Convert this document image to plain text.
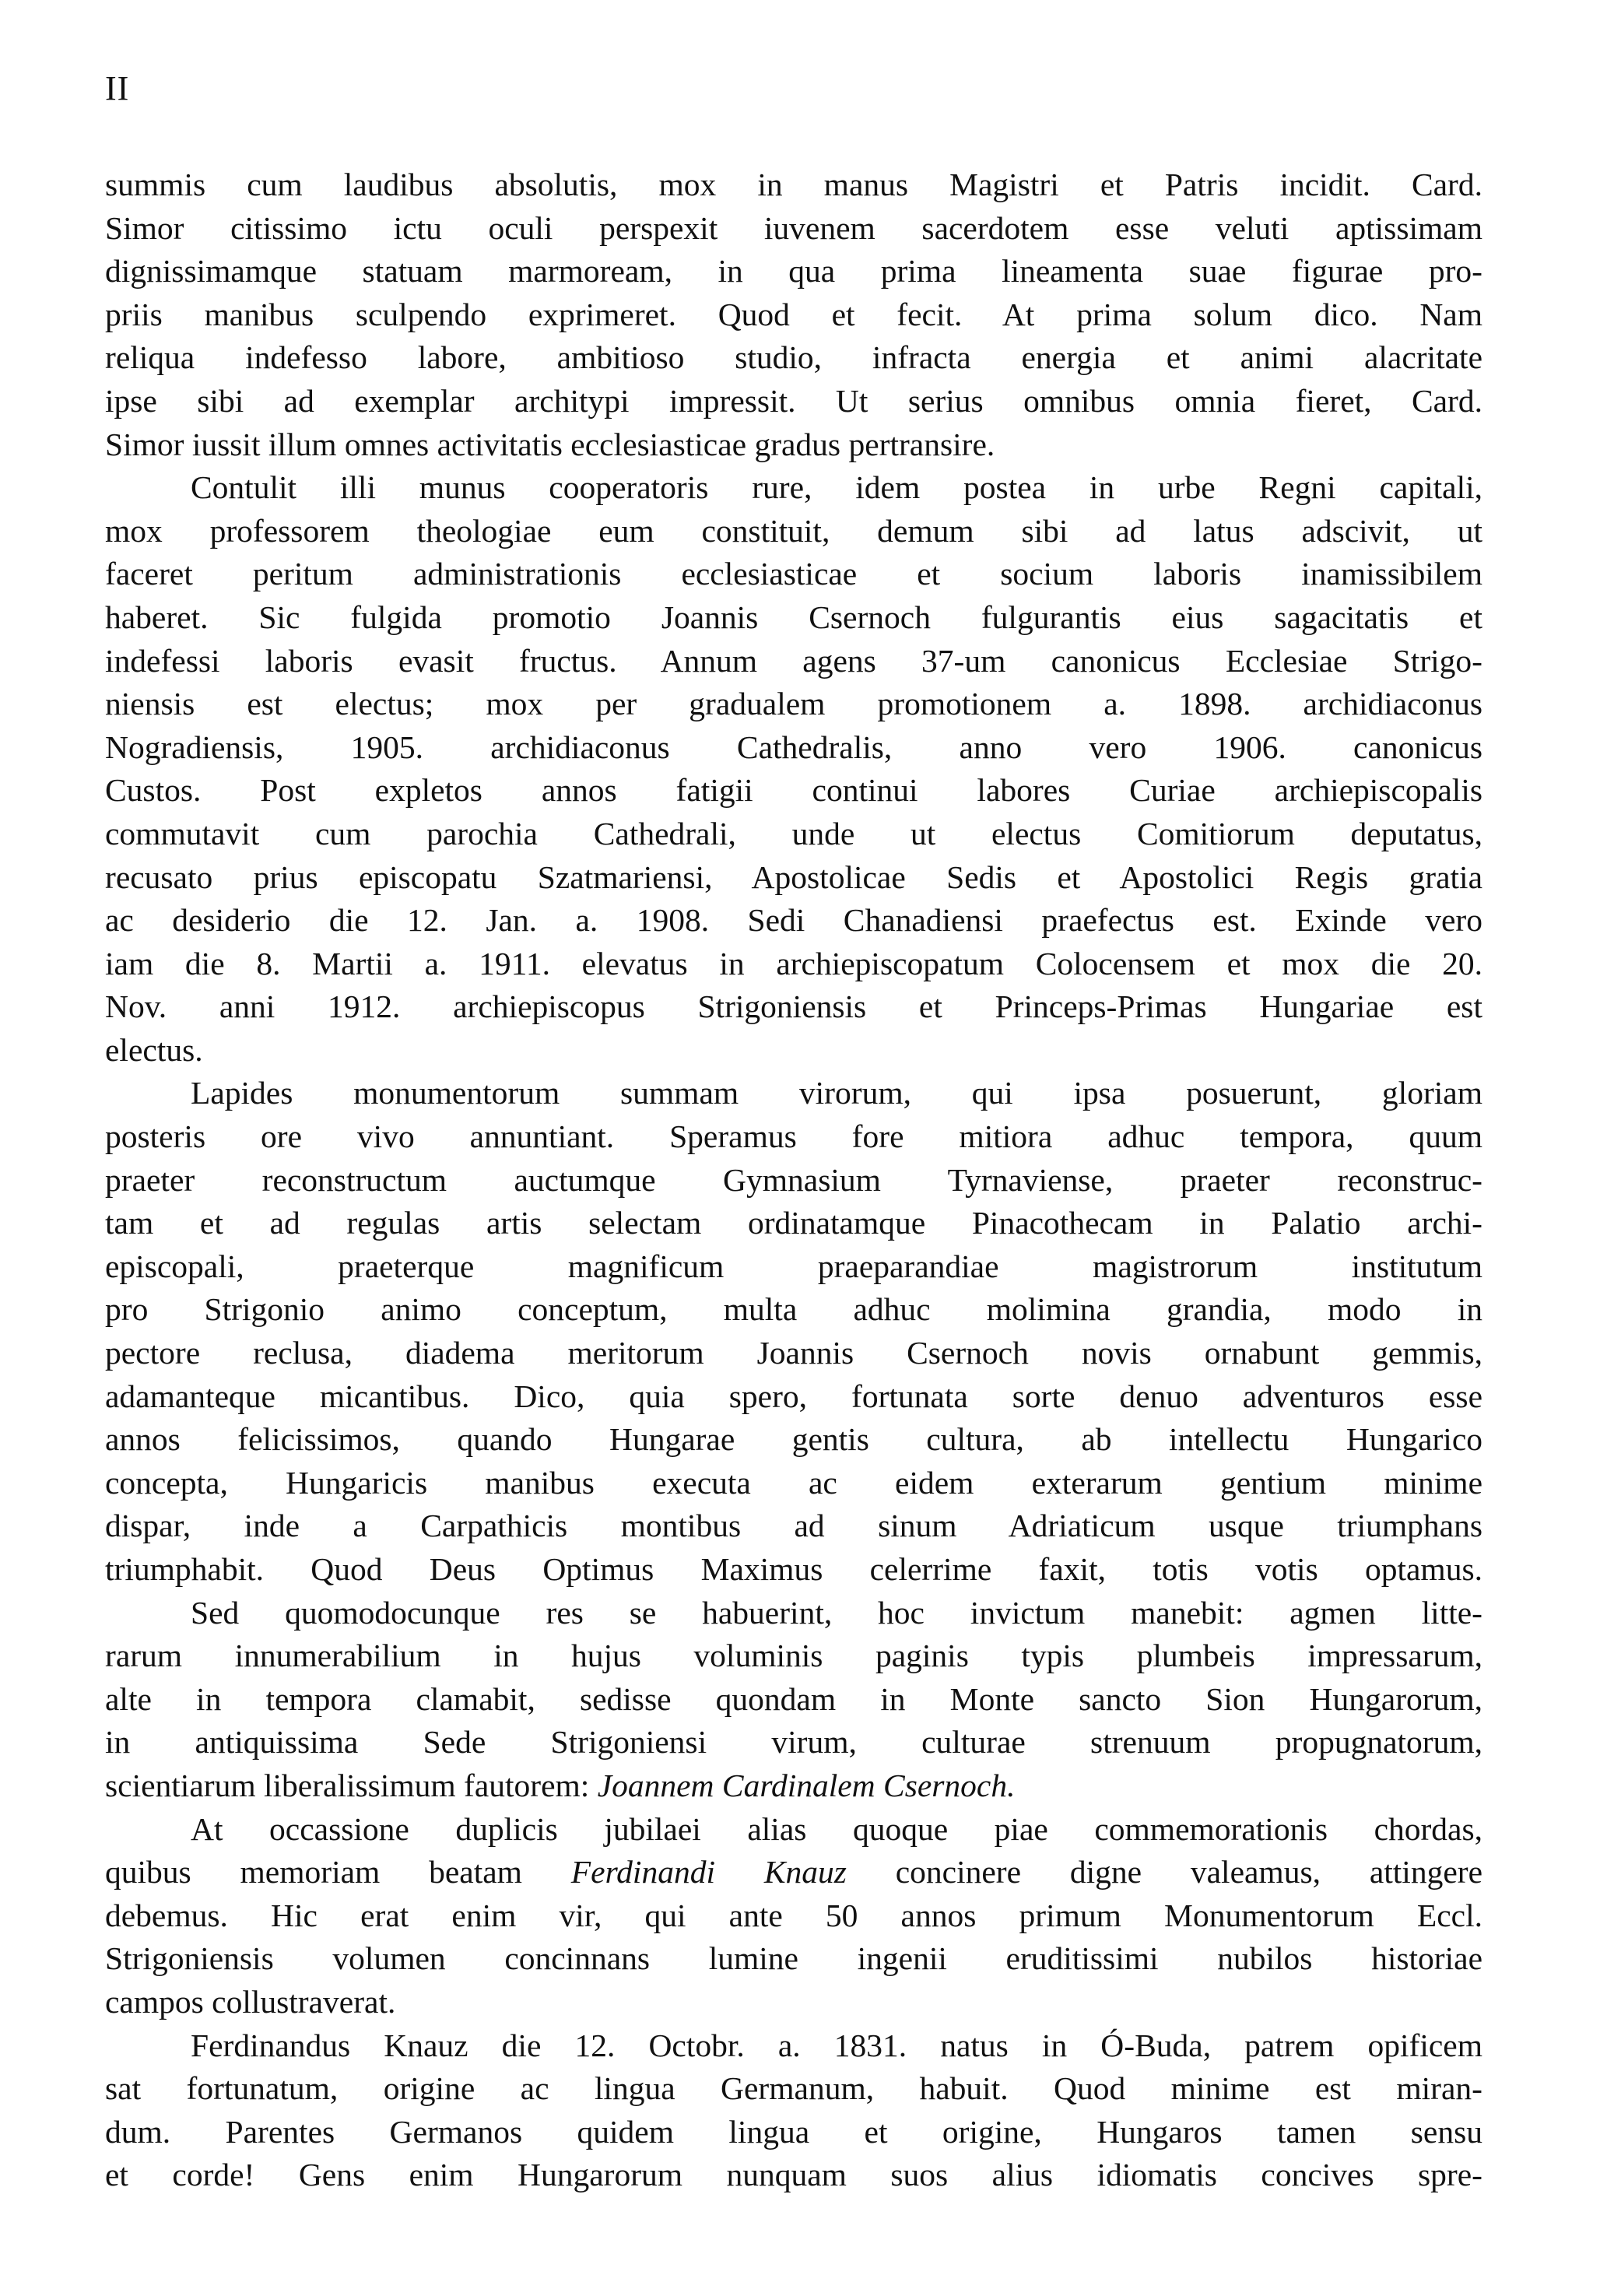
II
summis cum laudibus absolutis, mox in manus Magistri et Patris incidit. Card.
Simor citissimo ictu oculi perspexit iuvenem sacerdotem esse veluti aptissimam
dignissimamque statuam marmoream, in qua prima lineamenta suae figurae pro-
priis manibus sculpendo exprimeret. Quod et fecit. At prima solum dico. Nam
reliqua indefesso labore, ambitioso studio, infracta energia et animi alacritate
ipse sibi ad exemplar architypi impressit. Ut serius omnibus omnia fieret, Card.
Simor iussit illum omnes activitatis ecclesiasticae gradus pertransire.
Contulit illi munus cooperatoris rure, idem postea in urbe Regni capitali,
mox professorem theologiae eum constituit, demum sibi ad latus adscivit, ut
faceret peritum administrationis ecclesiasticae et socium laboris inamissibilem
haberet. Sic fulgida promotio Joannis Csernoch fulgurantis eius sagacitatis et
indefessi laboris evasit fructus. Annum agens 37-um canonicus Ecclesiae Strigo-
niensis est electus; mox per gradualem promotionem a. 1898. archidiaconus
Nogradiensis, 1905. archidiaconus Cathedralis, anno vero 1906. canonicus
Custos. Post expletos annos fatigii continui labores Curiae archiepiscopalis
commutavit cum parochia Cathedrali, unde ut electus Comitiorum deputatus,
recusato prius episcopatu Szatmariensi, Apostolicae Sedis et Apostolici Regis gratia
ac desiderio die 12. Jan. a. 1908. Sedi Chanadiensi praefectus est. Exinde vero
iam die 8. Martii a. 1911. elevatus in archiepiscopatum Colocensem et mox die 20.
Nov. anni 1912. archiepiscopus Strigoniensis et Princeps-Primas Hungariae est
electus.
Lapides monumentorum summam virorum, qui ipsa posuerunt, gloriam
posteris ore vivo annuntiant. Speramus fore mitiora adhuc tempora, quum
praeter reconstructum auctumque Gymnasium Tyrnaviense, praeter reconstruc-
tam et ad regulas artis selectam ordinatamque Pinacothecam in Palatio archi-
episcopali, praeterque magnificum praeparandiae magistrorum institutum
pro Strigonio animo conceptum, multa adhuc molimina grandia, modo in
pectore reclusa, diadema meritorum Joannis Csernoch novis ornabunt gemmis,
adamanteque micantibus. Dico, quia spero, fortunata sorte denuo adventuros esse
annos felicissimos, quando Hungarae gentis cultura, ab intellectu Hungarico
concepta, Hungaricis manibus executa ac eidem exterarum gentium minime
dispar, inde a Carpathicis montibus ad sinum Adriaticum usque triumphans
triumphabit. Quod Deus Optimus Maximus celerrime faxit, totis votis optamus.
Sed quomodocunque res se habuerint, hoc invictum manebit: agmen litte-
rarum innumerabilium in hujus voluminis paginis typis plumbeis impressarum,
alte in tempora clamabit, sedisse quondam in Monte sancto Sion Hungarorum,
in antiquissima Sede Strigoniensi virum, culturae strenuum propugnatorum,
scientiarum liberalissimum fautorem: Joannem Cardinalem Csernoch.
At occassione duplicis jubilaei alias quoque piae commemorationis chordas,
quibus memoriam beatam Ferdinandi Knauz concinere digne valeamus, attingere
debemus. Hic erat enim vir, qui ante 50 annos primum Monumentorum Eccl.
Strigoniensis volumen concinnans lumine ingenii eruditissimi nubilos historiae
campos collustraverat.
Ferdinandus Knauz die 12. Octobr. a. 1831. natus in Ó-Buda, patrem opificem
sat fortunatum, origine ac lingua Germanum, habuit. Quod minime est miran-
dum. Parentes Germanos quidem lingua et origine, Hungaros tamen sensu
et corde! Gens enim Hungarorum nunquam suos alius idiomatis concives spre-
